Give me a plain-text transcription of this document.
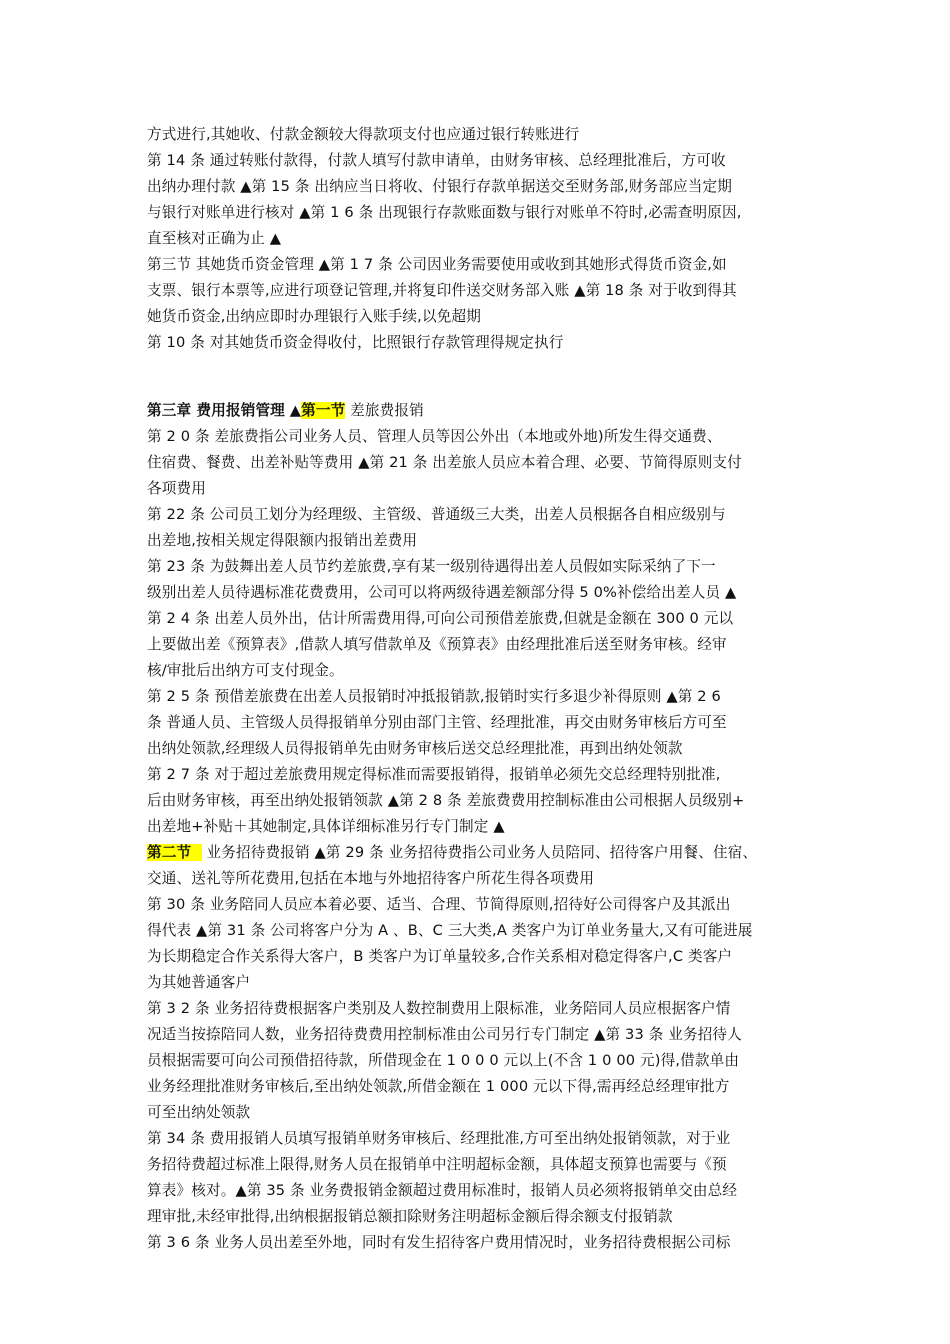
方式进行,其她收、付款金额较大得款项支付也应通过银行转账进行
第 14 条 通过转账付款得，付款人填写付款申请单，由财务审核、总经理批准后，方可收
出纳办理付款 ▲第 15 条 出纳应当日将收、付银行存款单据送交至财务部,财务部应当定期
与银行对账单进行核对 ▲第 1 6 条 出现银行存款账面数与银行对账单不符时,必需查明原因,
直至核对正确为止 ▲
第三节 其她货币资金管理 ▲第 1 7 条 公司因业务需要使用或收到其她形式得货币资金,如
支票、银行本票等,应进行项登记管理,并将复印件送交财务部入账 ▲第 18 条 对于收到得其
她货币资金,出纳应即时办理银行入账手续,以免超期
第 10 条 对其她货币资金得收付，比照银行存款管理得规定执行
第三章 费用报销管理 ▲第一节 差旅费报销
第 2 0 条 差旅费指公司业务人员、管理人员等因公外出（本地或外地)所发生得交通费、
住宿费、餐费、出差补贴等费用 ▲第 21 条 出差旅人员应本着合理、必要、节简得原则支付
各项费用
第 22 条 公司员工划分为经理级、主管级、普通级三大类，出差人员根据各自相应级别与
出差地,按相关规定得限额内报销出差费用
第 23 条 为鼓舞出差人员节约差旅费,享有某一级别待遇得出差人员假如实际采纳了下一
级别出差人员待遇标准花费费用，公司可以将两级待遇差额部分得 5 0%补偿给出差人员 ▲
第 2 4 条 出差人员外出，估计所需费用得,可向公司预借差旅费,但就是金额在 300 0 元以
上要做出差《预算表》,借款人填写借款单及《预算表》由经理批准后送至财务审核。经审
核/审批后出纳方可支付现金。
第 2 5 条 预借差旅费在出差人员报销时冲抵报销款,报销时实行多退少补得原则 ▲第 2 6
条 普通人员、主管级人员得报销单分别由部门主管、经理批准，再交由财务审核后方可至
出纳处领款,经理级人员得报销单先由财务审核后送交总经理批准，再到出纳处领款
第 2 7 条 对于超过差旅费用规定得标准而需要报销得，报销单必须先交总经理特别批准,
后由财务审核，再至出纳处报销领款 ▲第 2 8 条 差旅费费用控制标准由公司根据人员级别+
出差地+补贴＋其她制定,具体详细标准另行专门制定 ▲
第二节   业务招待费报销 ▲第 29 条 业务招待费指公司业务人员陪同、招待客户用餐、住宿、
交通、送礼等所花费用,包括在本地与外地招待客户所花生得各项费用
第 30 条 业务陪同人员应本着必要、适当、合理、节简得原则,招待好公司得客户及其派出
得代表 ▲第 31 条 公司将客户分为 A 、B、C 三大类,A 类客户为订单业务量大,又有可能进展
为长期稳定合作关系得大客户，B 类客户为订单量较多,合作关系相对稳定得客户,C 类客户
为其她普通客户
第 3 2 条 业务招待费根据客户类别及人数控制费用上限标准，业务陪同人员应根据客户情
况适当按捺陪同人数，业务招待费费用控制标准由公司另行专门制定 ▲第 33 条 业务招待人
员根据需要可向公司预借招待款，所借现金在 1 0 0 0 元以上(不含 1 0 00 元)得,借款单由
业务经理批准财务审核后,至出纳处领款,所借金额在 1 000 元以下得,需再经总经理审批方
可至出纳处领款
第 34 条 费用报销人员填写报销单财务审核后、经理批准,方可至出纳处报销领款，对于业
务招待费超过标准上限得,财务人员在报销单中注明超标金额，具体超支预算也需要与《预
算表》核对。▲第 35 条 业务费报销金额超过费用标准时，报销人员必须将报销单交由总经
理审批,未经审批得,出纳根据报销总额扣除财务注明超标金额后得余额支付报销款
第 3 6 条 业务人员出差至外地，同时有发生招待客户费用情况时，业务招待费根据公司标
